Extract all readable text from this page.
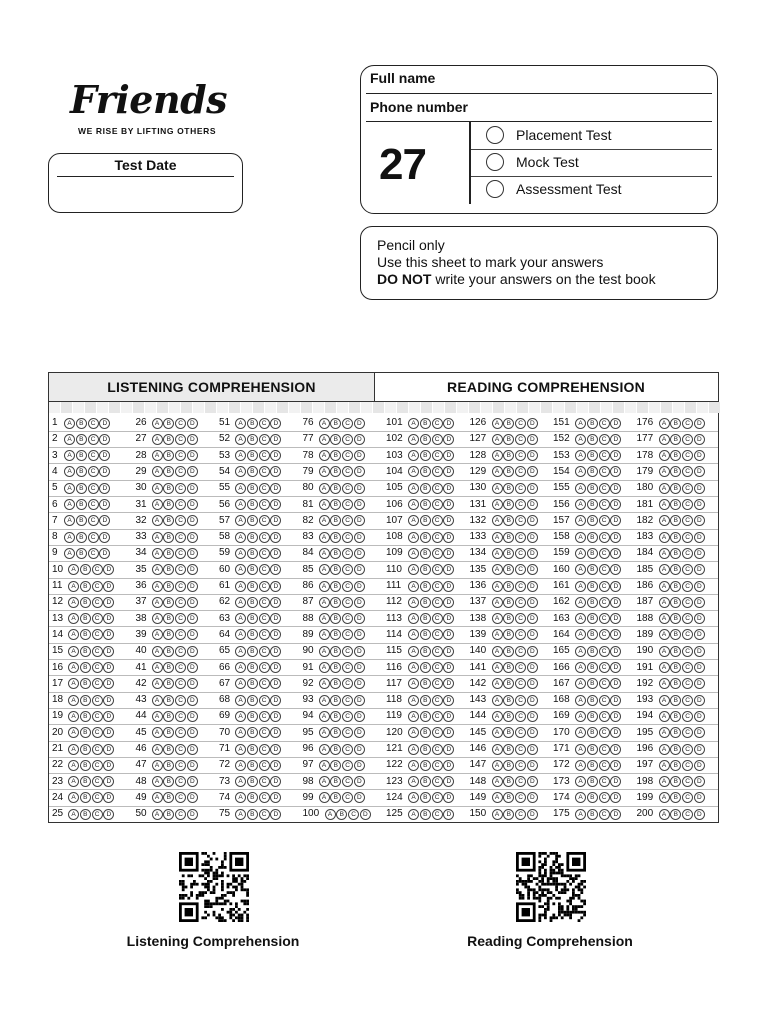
Friends
WE RISE BY LIFTING OTHERS
Test Date
Full name
Phone number
27
Placement Test
Mock Test
Assessment Test
Pencil only
Use this sheet to mark your answers
DO NOT write your answers on the test book
LISTENING COMPREHENSION	READING COMPREHENSION
1	A	B	C	D
2	A	B	C	D
3	A	B	C	D
4	A	B	C	D
5	A	B	C	D
6	A	B	C	D
7	A	B	C	D
8	A	B	C	D
9	A	B	C	D
10	A	B	C	D
11	A	B	C	D
12	A	B	C	D
13	A	B	C	D
14	A	B	C	D
15	A	B	C	D
16	A	B	C	D
17	A	B	C	D
18	A	B	C	D
19	A	B	C	D
20	A	B	C	D
21	A	B	C	D
22	A	B	C	D
23	A	B	C	D
24	A	B	C	D
25	A	B	C	D
26	A	B	C	D
27	A	B	C	D
28	A	B	C	D
29	A	B	C	D
30	A	B	C	D
31	A	B	C	D
32	A	B	C	D
33	A	B	C	D
34	A	B	C	D
35	A	B	C	D
36	A	B	C	D
37	A	B	C	D
38	A	B	C	D
39	A	B	C	D
40	A	B	C	D
41	A	B	C	D
42	A	B	C	D
43	A	B	C	D
44	A	B	C	D
45	A	B	C	D
46	A	B	C	D
47	A	B	C	D
48	A	B	C	D
49	A	B	C	D
50	A	B	C	D
51	A	B	C	D
52	A	B	C	D
53	A	B	C	D
54	A	B	C	D
55	A	B	C	D
56	A	B	C	D
57	A	B	C	D
58	A	B	C	D
59	A	B	C	D
60	A	B	C	D
61	A	B	C	D
62	A	B	C	D
63	A	B	C	D
64	A	B	C	D
65	A	B	C	D
66	A	B	C	D
67	A	B	C	D
68	A	B	C	D
69	A	B	C	D
70	A	B	C	D
71	A	B	C	D
72	A	B	C	D
73	A	B	C	D
74	A	B	C	D
75	A	B	C	D
76	A	B	C	D
77	A	B	C	D
78	A	B	C	D
79	A	B	C	D
80	A	B	C	D
81	A	B	C	D
82	A	B	C	D
83	A	B	C	D
84	A	B	C	D
85	A	B	C	D
86	A	B	C	D
87	A	B	C	D
88	A	B	C	D
89	A	B	C	D
90	A	B	C	D
91	A	B	C	D
92	A	B	C	D
93	A	B	C	D
94	A	B	C	D
95	A	B	C	D
96	A	B	C	D
97	A	B	C	D
98	A	B	C	D
99	A	B	C	D
100	A	B	C	D
101	A	B	C	D
102	A	B	C	D
103	A	B	C	D
104	A	B	C	D
105	A	B	C	D
106	A	B	C	D
107	A	B	C	D
108	A	B	C	D
109	A	B	C	D
110	A	B	C	D
111	A	B	C	D
112	A	B	C	D
113	A	B	C	D
114	A	B	C	D
115	A	B	C	D
116	A	B	C	D
117	A	B	C	D
118	A	B	C	D
119	A	B	C	D
120	A	B	C	D
121	A	B	C	D
122	A	B	C	D
123	A	B	C	D
124	A	B	C	D
125	A	B	C	D
126	A	B	C	D
127	A	B	C	D
128	A	B	C	D
129	A	B	C	D
130	A	B	C	D
131	A	B	C	D
132	A	B	C	D
133	A	B	C	D
134	A	B	C	D
135	A	B	C	D
136	A	B	C	D
137	A	B	C	D
138	A	B	C	D
139	A	B	C	D
140	A	B	C	D
141	A	B	C	D
142	A	B	C	D
143	A	B	C	D
144	A	B	C	D
145	A	B	C	D
146	A	B	C	D
147	A	B	C	D
148	A	B	C	D
149	A	B	C	D
150	A	B	C	D
151	A	B	C	D
152	A	B	C	D
153	A	B	C	D
154	A	B	C	D
155	A	B	C	D
156	A	B	C	D
157	A	B	C	D
158	A	B	C	D
159	A	B	C	D
160	A	B	C	D
161	A	B	C	D
162	A	B	C	D
163	A	B	C	D
164	A	B	C	D
165	A	B	C	D
166	A	B	C	D
167	A	B	C	D
168	A	B	C	D
169	A	B	C	D
170	A	B	C	D
171	A	B	C	D
172	A	B	C	D
173	A	B	C	D
174	A	B	C	D
175	A	B	C	D
176	A	B	C	D
177	A	B	C	D
178	A	B	C	D
179	A	B	C	D
180	A	B	C	D
181	A	B	C	D
182	A	B	C	D
183	A	B	C	D
184	A	B	C	D
185	A	B	C	D
186	A	B	C	D
187	A	B	C	D
188	A	B	C	D
189	A	B	C	D
190	A	B	C	D
191	A	B	C	D
192	A	B	C	D
193	A	B	C	D
194	A	B	C	D
195	A	B	C	D
196	A	B	C	D
197	A	B	C	D
198	A	B	C	D
199	A	B	C	D
200	A	B	C	D
Listening Comprehension	Reading Comprehension
